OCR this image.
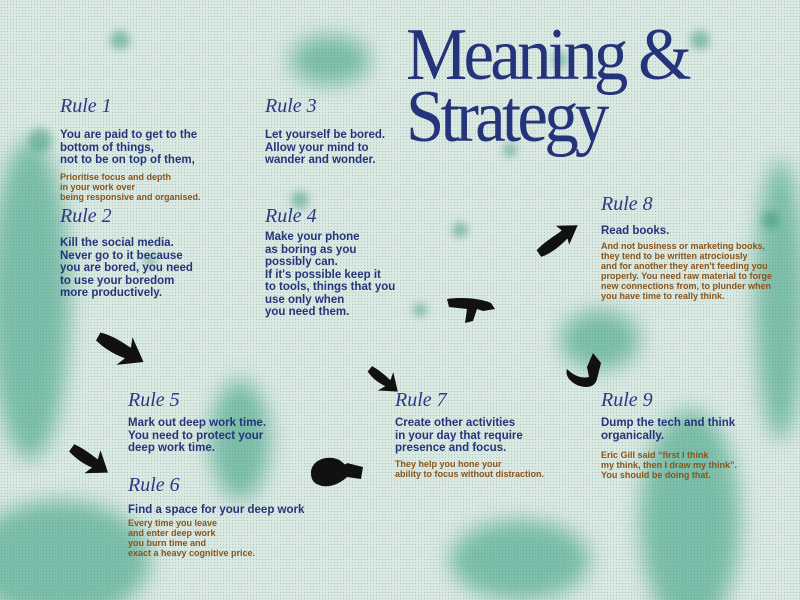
Meaning &
Strategy
Rule 1
You are paid to get to the
bottom of things,
not to be on top of them,
Prioritise focus and depth
in your work over
being responsive and organised.
Rule 2
Kill the social media.
Never go to it because
you are bored, you need
to use your boredom
more productively.
Rule 3
Let yourself be bored.
Allow your mind to
wander and wonder.
Rule 4
Make your phone
as boring as you
possibly can.
If it's possible keep it
to tools, things that you
use only when
you need them.
Rule 5
Mark out deep work time.
You need to protect your
deep work time.
Rule 6
Find a space for your deep work
Every time you leave
and enter deep work
you burn time and
exact a heavy cognitive price.
Rule 7
Create other activities
in your day that require
presence and focus.
They help you hone your
ability to focus without distraction.
Rule 8
Read books.
And not business or marketing books,
they tend to be written atrociously
and for another they aren't feeding you
properly. You need raw material to forge
new connections from, to plunder when
you have time to really think.
Rule 9
Dump the tech and think organically.
Eric Gill said “first I think
my think, then I draw my think”.
You should be doing that.
